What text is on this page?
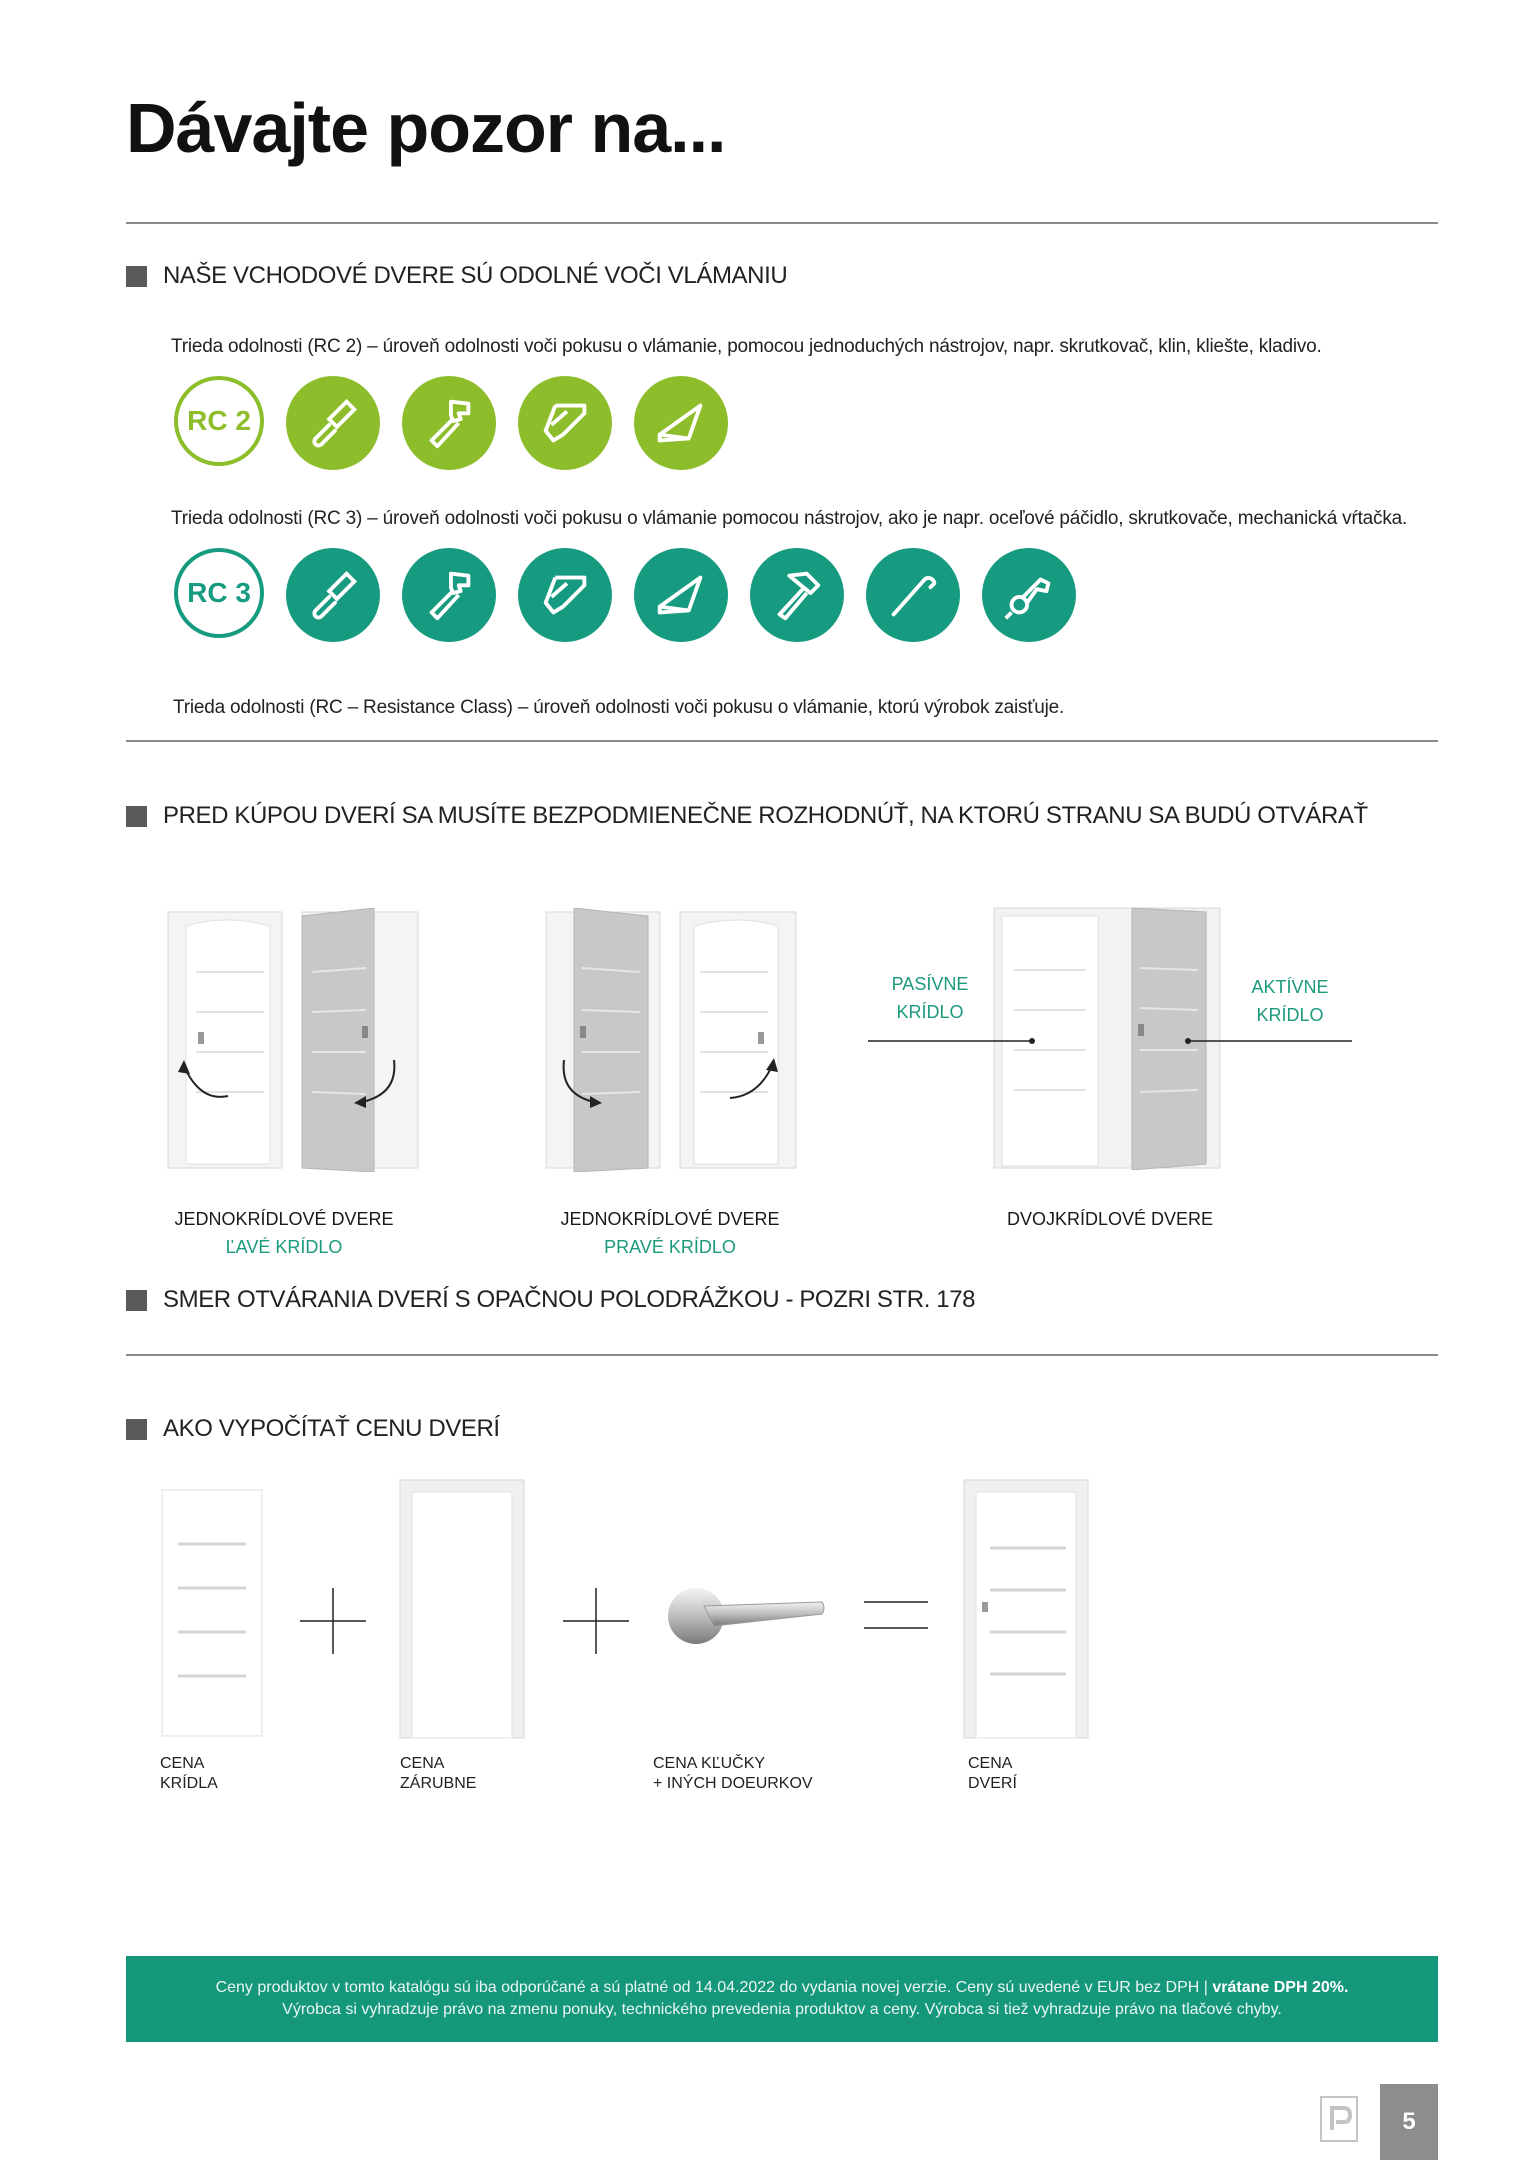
Dávajte pozor na...
NAŠE VCHODOVÉ DVERE SÚ ODOLNÉ VOČI VLÁMANIU
Trieda odolnosti (RC 2) – úroveň odolnosti voči pokusu o vlámanie, pomocou jednoduchých nástrojov, napr. skrutkovač, klin, kliešte, kladivo.
RC 2
Trieda odolnosti (RC 3) – úroveň odolnosti voči pokusu o vlámanie pomocou nástrojov, ako je napr. oceľové páčidlo, skrutkovače, mechanická vŕtačka.
RC 3
Trieda odolnosti (RC – Resistance Class) – úroveň odolnosti voči pokusu o vlámanie, ktorú výrobok zaisťuje.
PRED KÚPOU DVERÍ SA MUSÍTE BEZPODMIENEČNE ROZHODNÚŤ, NA KTORÚ STRANU SA BUDÚ OTVÁRAŤ
PASÍVNE
KRÍDLO
AKTÍVNE
KRÍDLO
JEDNOKRÍDLOVÉ DVERE
ĽAVÉ KRÍDLO
JEDNOKRÍDLOVÉ DVERE
PRAVÉ KRÍDLO
DVOJKRÍDLOVÉ DVERE
SMER OTVÁRANIA DVERÍ S OPAČNOU POLODRÁŽKOU - POZRI STR. 178
AKO VYPOČÍTAŤ CENU DVERÍ
CENA
KRÍDLA
CENA
ZÁRUBNE
CENA KĽUČKY
+ INÝCH DOEURKOV
CENA
DVERÍ
Ceny produktov v tomto katalógu sú iba odporúčané a sú platné od 14.04.2022 do vydania novej verzie. Ceny sú uvedené v EUR bez DPH | vrátane DPH 20%.
Výrobca si vyhradzuje právo na zmenu ponuky, technického prevedenia produktov a ceny. Výrobca si tiež vyhradzuje právo na tlačové chyby.
5
